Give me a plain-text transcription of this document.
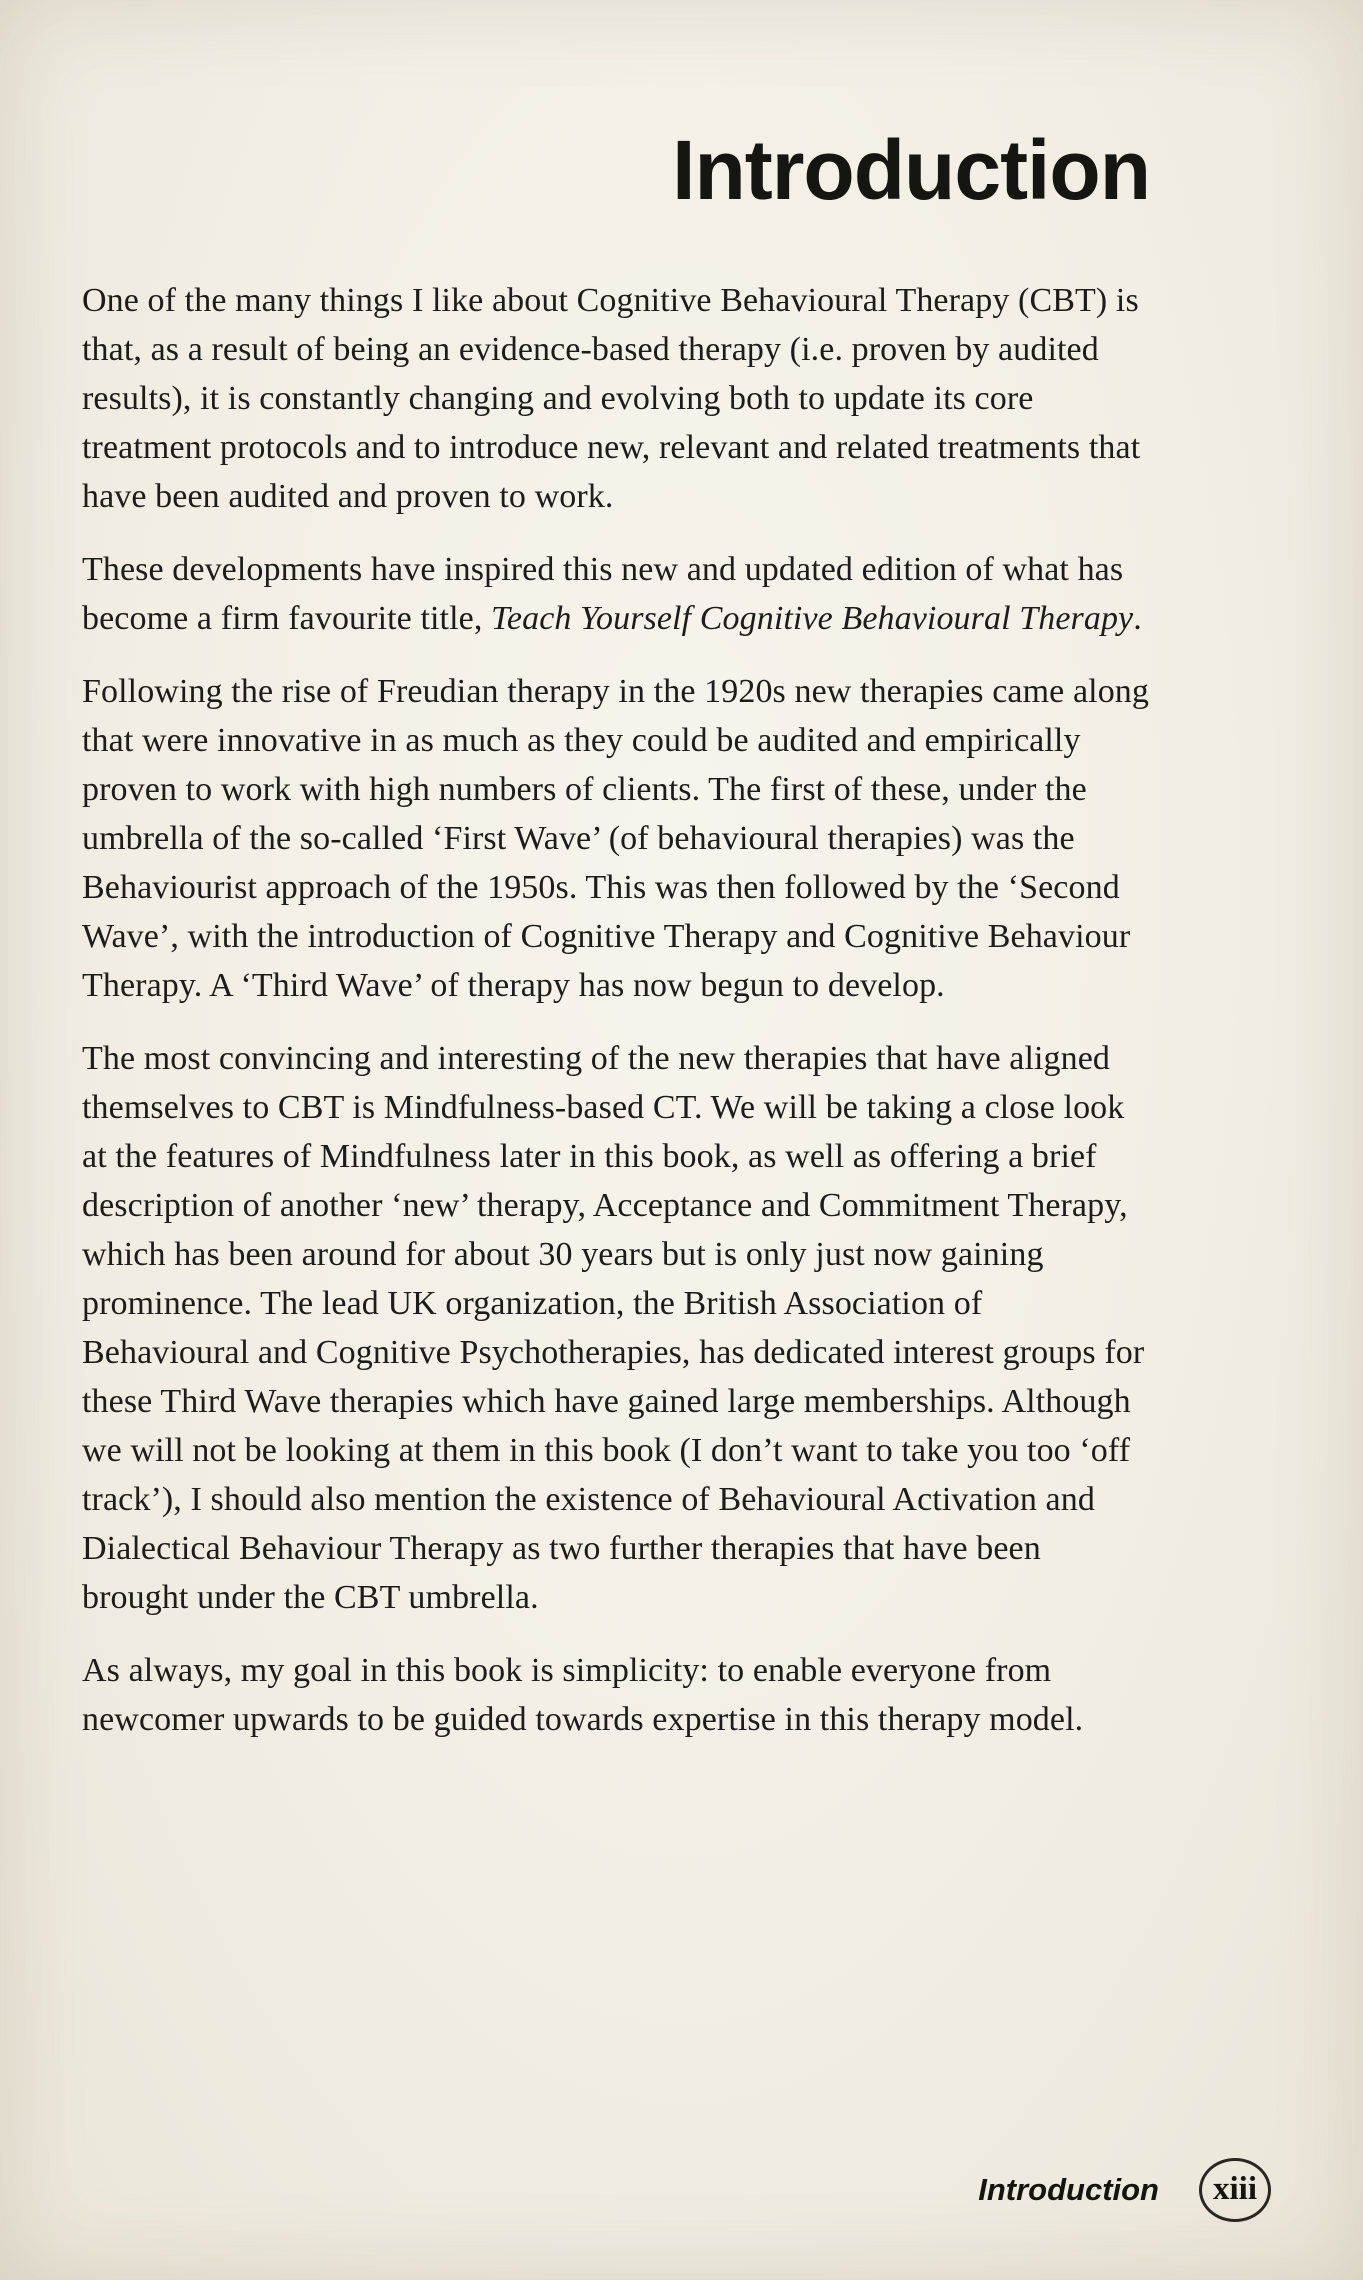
Introduction

One of the many things I like about Cognitive Behavioural Therapy (CBT) is that, as a result of being an evidence-based therapy (i.e. proven by audited results), it is constantly changing and evolving both to update its core treatment protocols and to introduce new, relevant and related treatments that have been audited and proven to work.

These developments have inspired this new and updated edition of what has become a firm favourite title, Teach Yourself Cognitive Behavioural Therapy.

Following the rise of Freudian therapy in the 1920s new therapies came along that were innovative in as much as they could be audited and empirically proven to work with high numbers of clients. The first of these, under the umbrella of the so-called ‘First Wave’ (of behavioural therapies) was the Behaviourist approach of the 1950s. This was then followed by the ‘Second Wave’, with the introduction of Cognitive Therapy and Cognitive Behaviour Therapy. A ‘Third Wave’ of therapy has now begun to develop.

The most convincing and interesting of the new therapies that have aligned themselves to CBT is Mindfulness-based CT. We will be taking a close look at the features of Mindfulness later in this book, as well as offering a brief description of another ‘new’ therapy, Acceptance and Commitment Therapy, which has been around for about 30 years but is only just now gaining prominence. The lead UK organization, the British Association of Behavioural and Cognitive Psychotherapies, has dedicated interest groups for these Third Wave therapies which have gained large memberships. Although we will not be looking at them in this book (I don’t want to take you too ‘off track’), I should also mention the existence of Behavioural Activation and Dialectical Behaviour Therapy as two further therapies that have been brought under the CBT umbrella.

As always, my goal in this book is simplicity: to enable everyone from newcomer upwards to be guided towards expertise in this therapy model.

Introduction xiii
